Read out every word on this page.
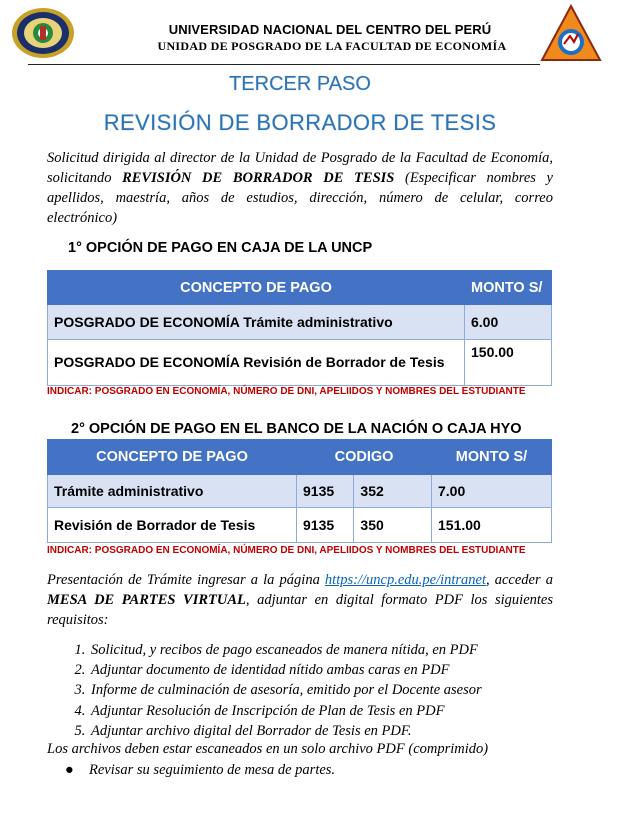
UNIVERSIDAD NACIONAL DEL CENTRO DEL PERÚ
UNIDAD DE POSGRADO DE LA FACULTAD DE ECONOMÍA
TERCER PASO
REVISIÓN DE BORRADOR DE TESIS
Solicitud dirigida al director de la Unidad de Posgrado de la Facultad de Economía, solicitando REVISIÓN DE BORRADOR DE TESIS (Especificar nombres y apellidos, maestría, años de estudios, dirección, número de celular, correo electrónico)
1° OPCIÓN DE PAGO EN CAJA DE LA UNCP
CONCEPTO DE PAGO	MONTO S/
POSGRADO DE ECONOMÍA Trámite administrativo	6.00
POSGRADO DE ECONOMÍA Revisión de Borrador de Tesis	150.00
INDICAR: POSGRADO EN ECONOMÍA, NÚMERO DE DNI, APELIIDOS Y NOMBRES DEL ESTUDIANTE
2° OPCIÓN DE PAGO EN EL BANCO DE LA NACIÓN O CAJA HYO
CONCEPTO DE PAGO	CODIGO		MONTO S/
Trámite administrativo	9135	352	7.00
Revisión de Borrador de Tesis	9135	350	151.00
INDICAR: POSGRADO EN ECONOMÍA, NÚMERO DE DNI, APELIIDOS Y NOMBRES DEL ESTUDIANTE
Presentación de Trámite ingresar a la página https://uncp.edu.pe/intranet, acceder a MESA DE PARTES VIRTUAL, adjuntar en digital formato PDF los siguientes requisitos:
1. Solicitud, y recibos de pago escaneados de manera nítida, en PDF
2. Adjuntar documento de identidad nítido ambas caras en PDF
3. Informe de culminación de asesoría, emitido por el Docente asesor
4. Adjuntar Resolución de Inscripción de Plan de Tesis en PDF
5. Adjuntar archivo digital del Borrador de Tesis en PDF.
Los archivos deben estar escaneados en un solo archivo PDF (comprimido)
● Revisar su seguimiento de mesa de partes.
